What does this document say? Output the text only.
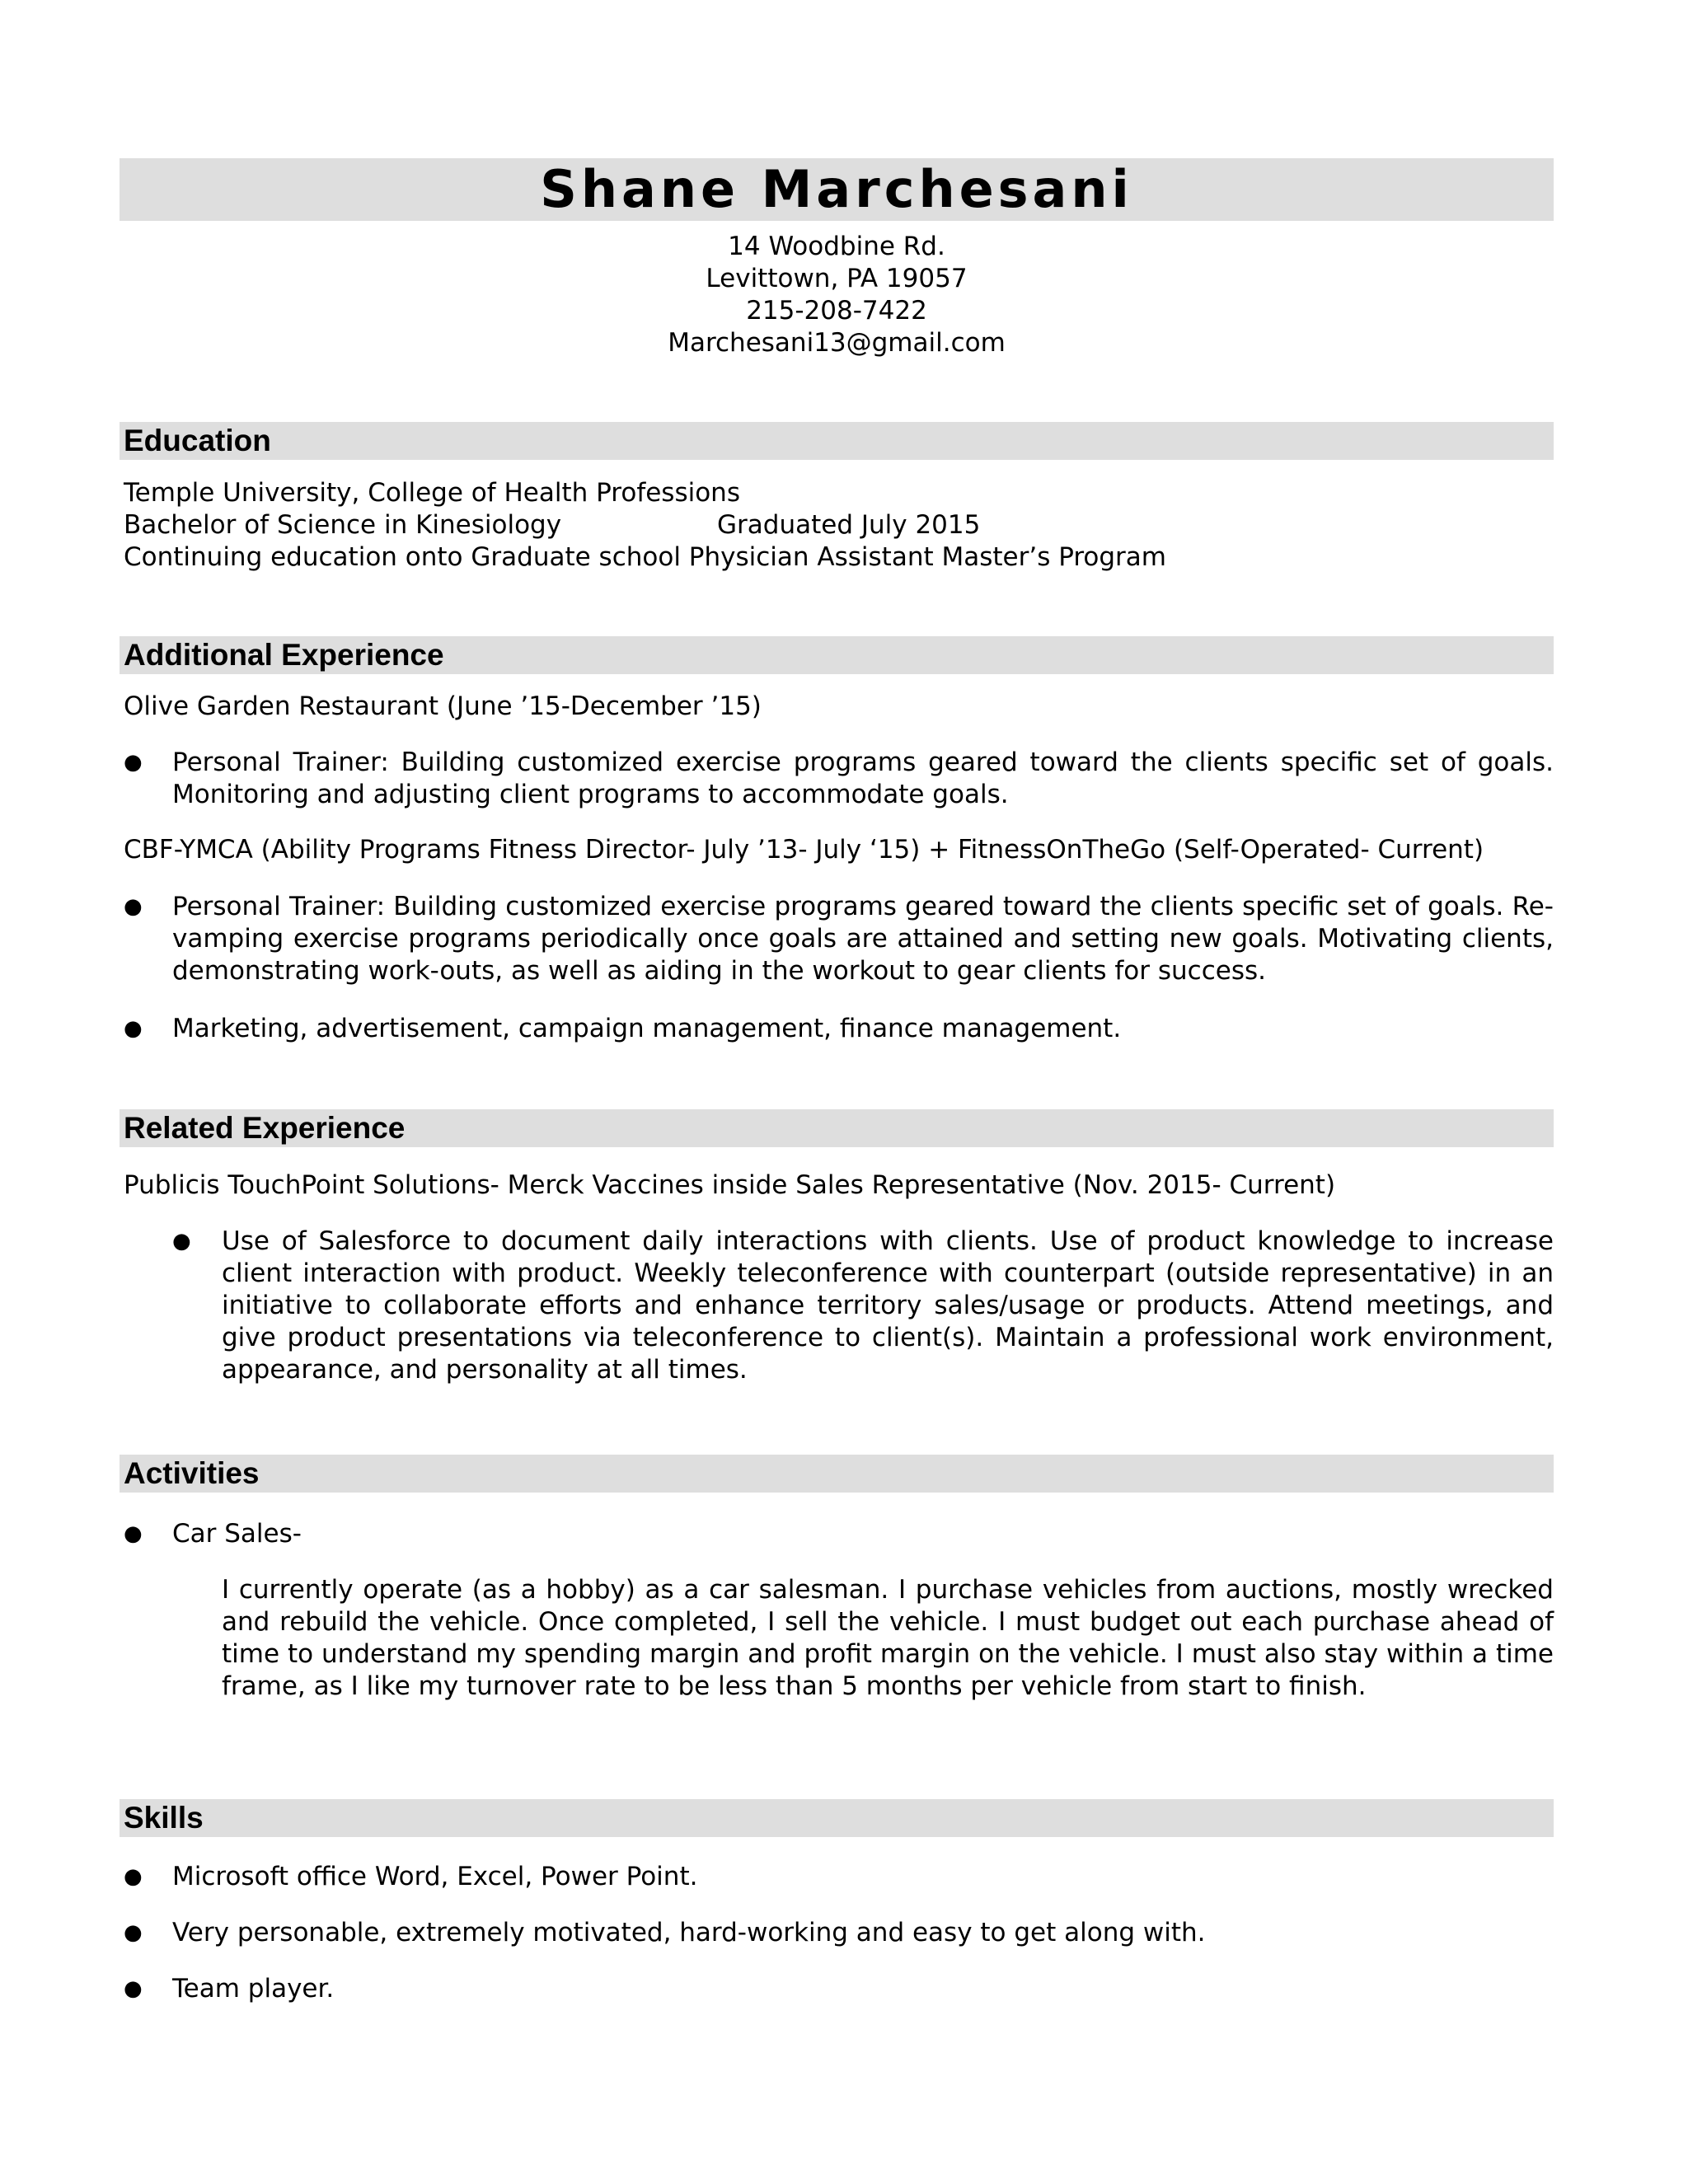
Shane Marchesani
14 Woodbine Rd.
Levittown, PA 19057
215-208-7422
Marchesani13@gmail.com
Education
Temple University, College of Health Professions
Bachelor of Science in Kinesiology	Graduated July 2015
Continuing education onto Graduate school Physician Assistant Master’s Program
Additional Experience
Olive Garden Restaurant (June ’15-December ’15)
● Personal Trainer: Building customized exercise programs geared toward the clients specific set of goals. Monitoring and adjusting client programs to accommodate goals.
CBF-YMCA (Ability Programs Fitness Director- July ’13- July ‘15) + FitnessOnTheGo (Self-Operated- Current)
● Personal Trainer: Building customized exercise programs geared toward the clients specific set of goals. Re-vamping exercise programs periodically once goals are attained and setting new goals. Motivating clients, demonstrating work-outs, as well as aiding in the workout to gear clients for success.
● Marketing, advertisement, campaign management, finance management.
Related Experience
Publicis TouchPoint Solutions- Merck Vaccines inside Sales Representative (Nov. 2015- Current)
● Use of Salesforce to document daily interactions with clients. Use of product knowledge to increase client interaction with product. Weekly teleconference with counterpart (outside representative) in an initiative to collaborate efforts and enhance territory sales/usage or products. Attend meetings, and give product presentations via teleconference to client(s). Maintain a professional work environment, appearance, and personality at all times.
Activities
● Car Sales-
I currently operate (as a hobby) as a car salesman. I purchase vehicles from auctions, mostly wrecked and rebuild the vehicle. Once completed, I sell the vehicle. I must budget out each purchase ahead of time to understand my spending margin and profit margin on the vehicle. I must also stay within a time frame, as I like my turnover rate to be less than 5 months per vehicle from start to finish.
Skills
● Microsoft office Word, Excel, Power Point.
● Very personable, extremely motivated, hard-working and easy to get along with.
● Team player.
